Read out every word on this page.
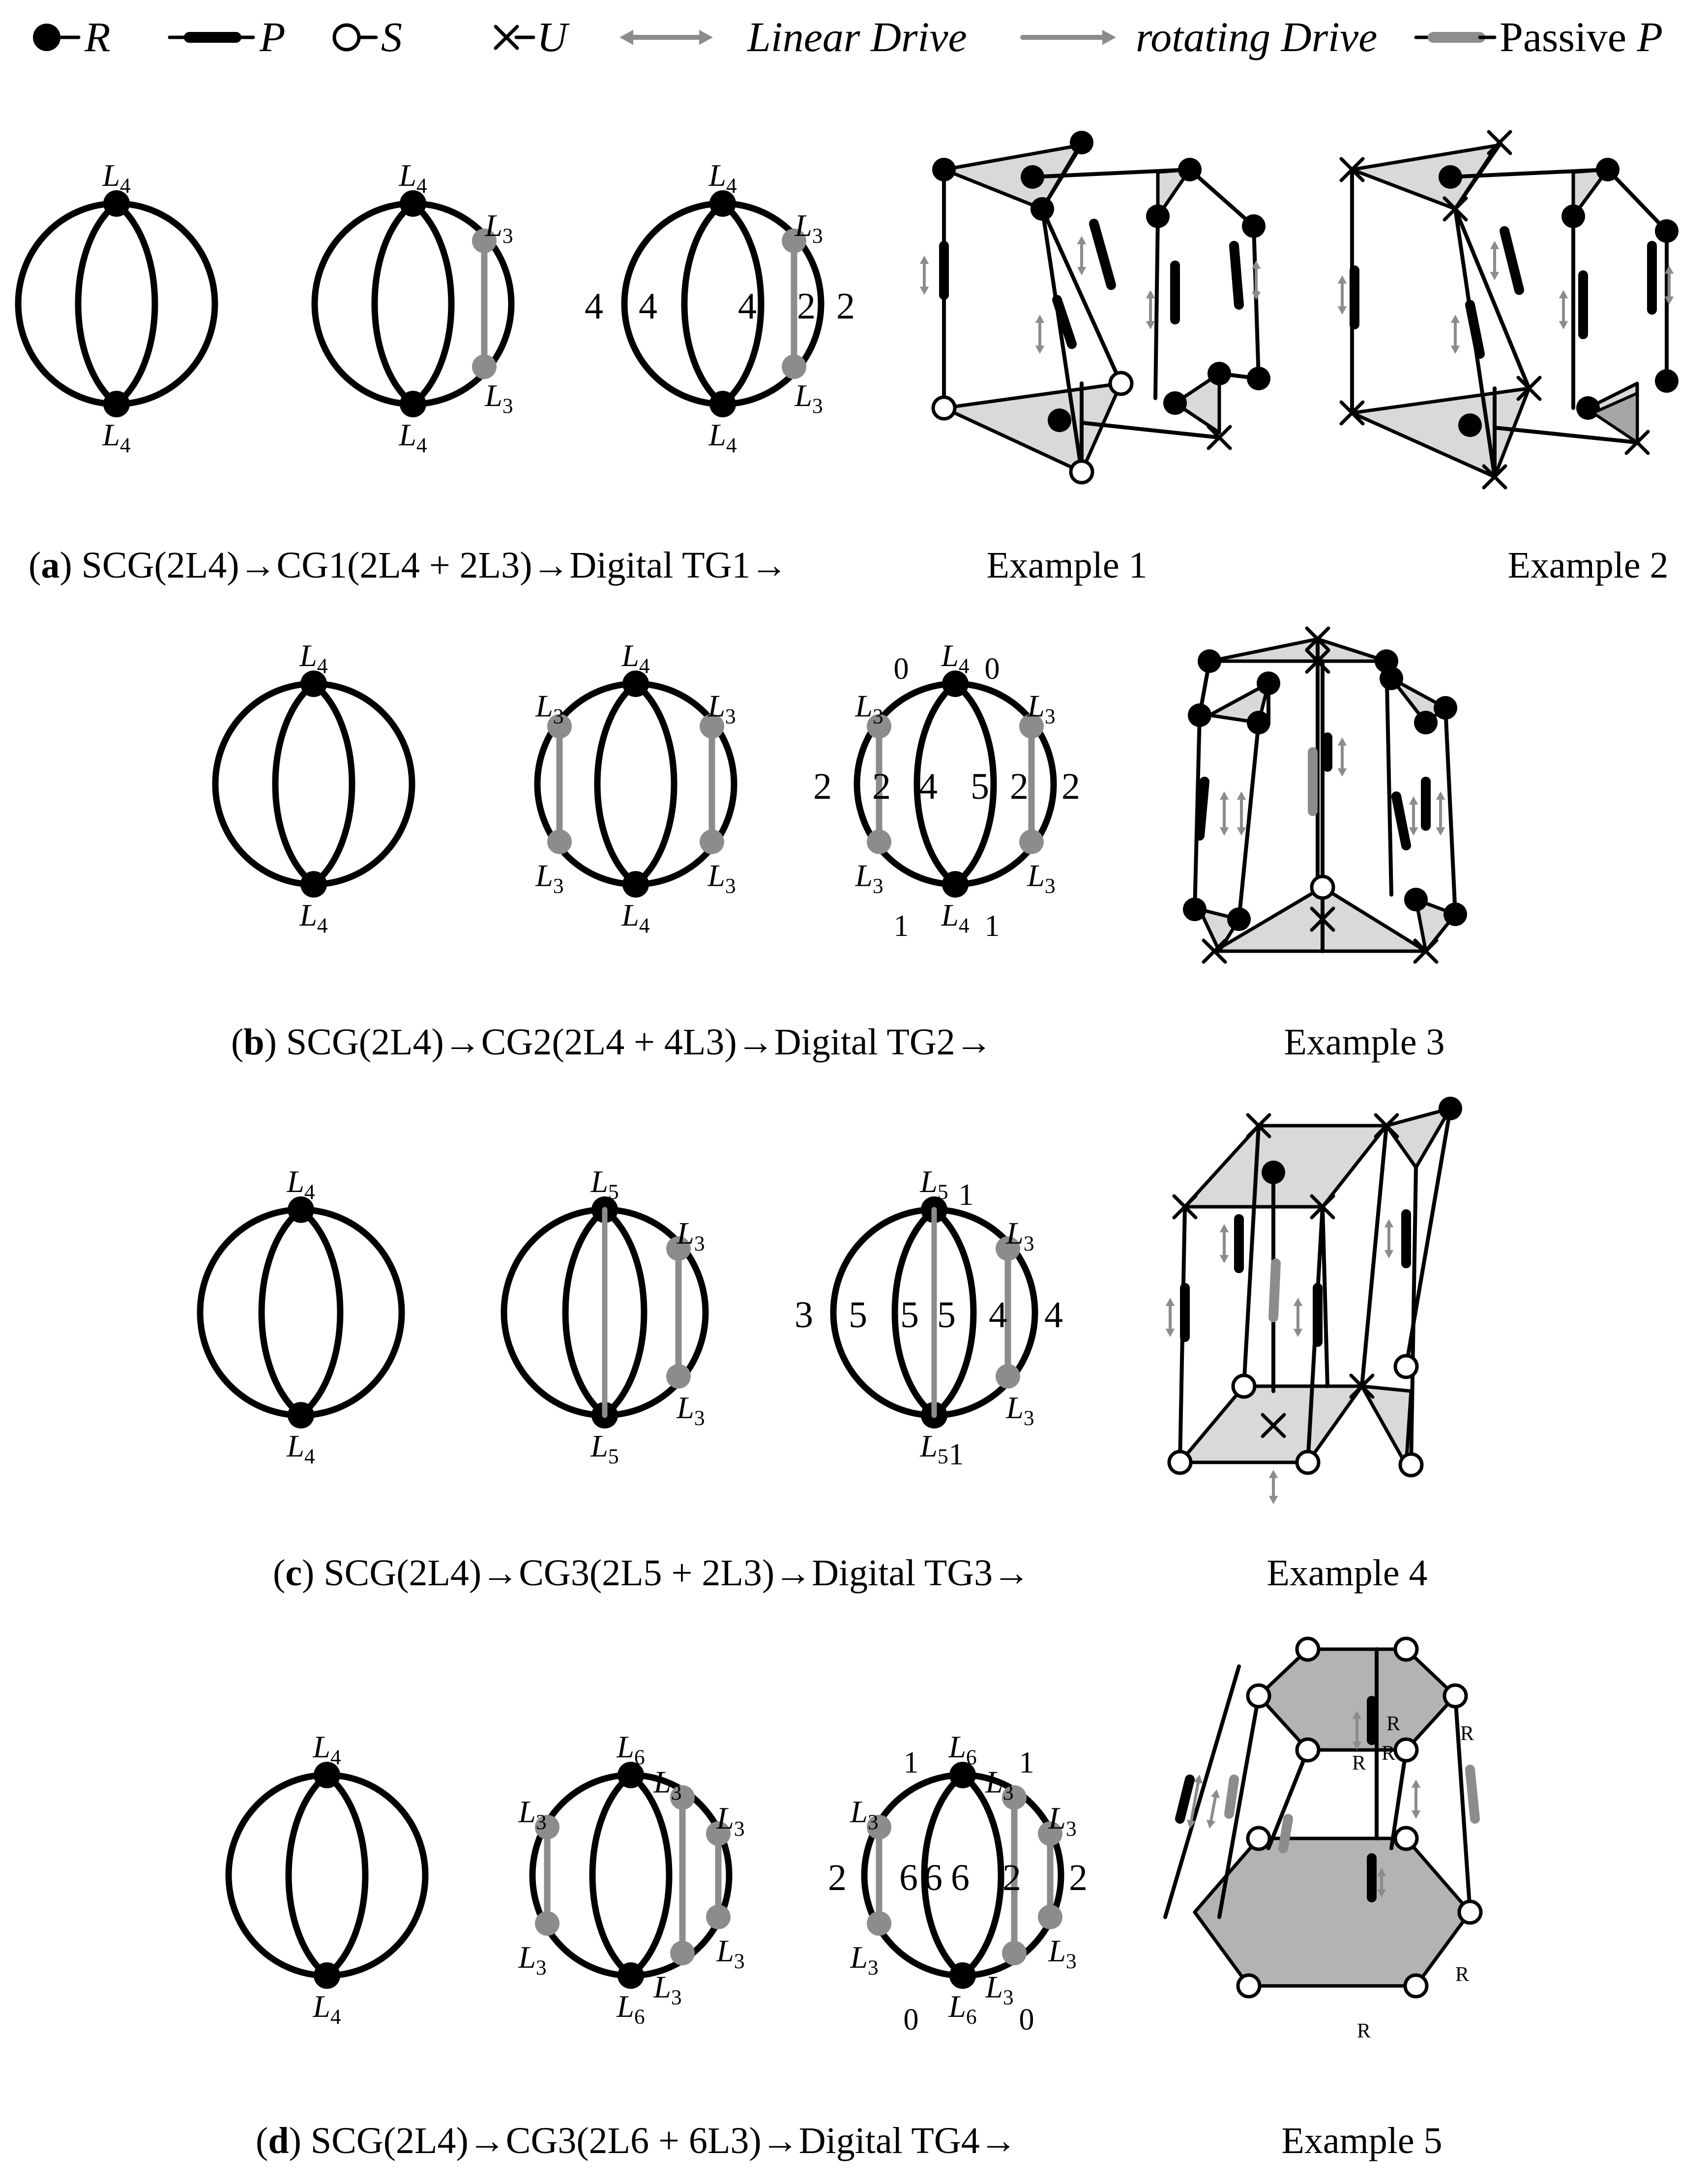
R	P S	U	Linear Drive	rotating Drive	Passive P
$L_4$
$L_4$
$L_4$
$L_4$
$L_3$
$L_3$
$L_4$
$L_4$
$L_3$
$L_3$
4 4 4 2 2
$L_4$
$L_4$
$L_4$
$L_4$
$L_3$
$L_3$
$L_3$
$L_3$
$L_4$
$L_4$
$L_3$
$L_3$
$L_3$
$L_3$
2 2 4 5 2 2
0 0
1 1
$L_4$
$L_4$
$L_5$
$L_5$
$L_3$
$L_3$
$L_5$
$L_5$
$L_3$
$L_3$
3 5 5 5 4 4
1
1
$L_4$
$L_4$
$L_6$
$L_6$
$L_3$
$L_3$
$L_3$
$L_3$
$L_3$
$L_3$
$L_6$
$L_6$
$L_3$
$L_3$
$L_3$
$L_3$
$L_3$
$L_3$
2 6 6 6 2 2
1	1
0	0
R	R
R R
R
R
(a) SCG(2L4)→CG1(2L4 + 2L3)→Digital TG1→	Example 1	Example 2
(b) SCG(2L4)→CG2(2L4 + 4L3)→Digital TG2→	Example 3
(c) SCG(2L4)→CG3(2L5 + 2L3)→Digital TG3→	Example 4
(d) SCG(2L4)→CG3(2L6 + 6L3)→Digital TG4→	Example 5
